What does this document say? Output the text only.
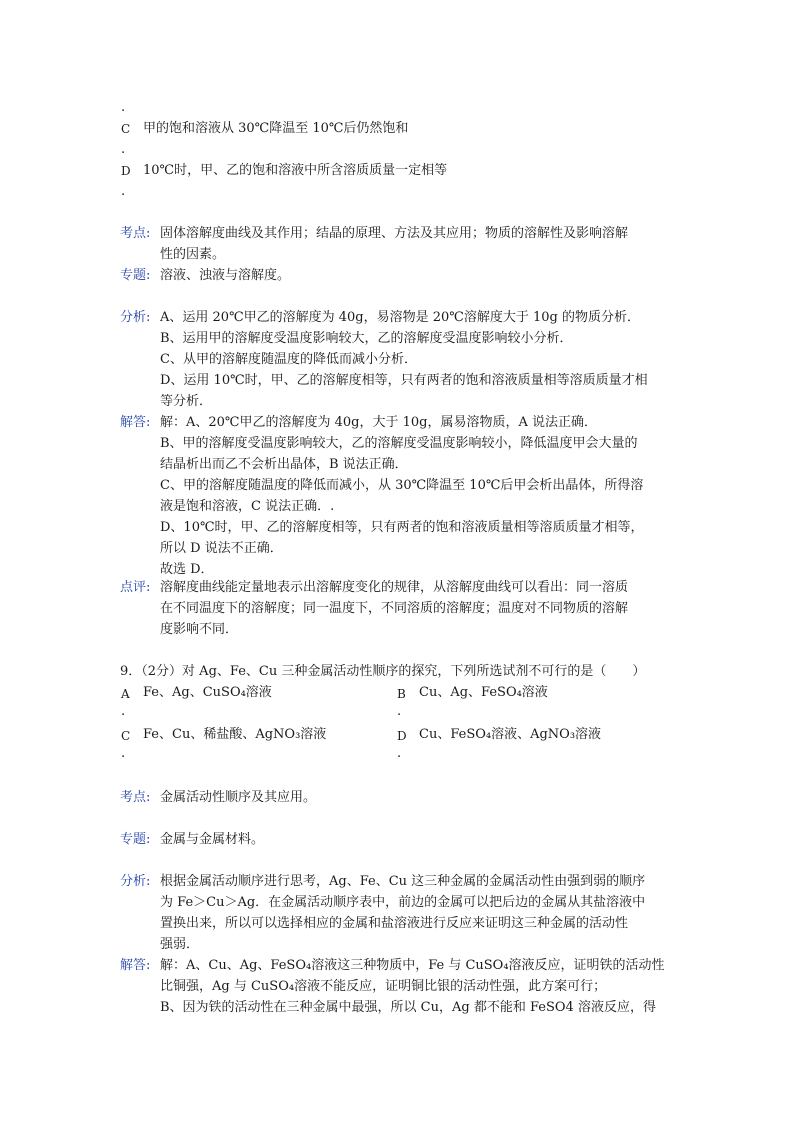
.
C 甲的饱和溶液从 30℃降温至 10℃后仍然饱和
.
D 10℃时，甲、乙的饱和溶液中所含溶质质量一定相等
.
考点: 固体溶解度曲线及其作用；结晶的原理、方法及其应用；物质的溶解性及影响溶解

性的因素。

专题: 溶液、浊液与溶解度。

分析: A、运用 20℃甲乙的溶解度为 40g，易溶物是 20℃溶解度大于 10g 的物质分析．

B、运用甲的溶解度受温度影响较大，乙的溶解度受温度影响较小分析．

C、从甲的溶解度随温度的降低而减小分析．

D、运用 10℃时，甲、乙的溶解度相等，只有两者的饱和溶液质量相等溶质质量才相

等分析．

解答: 解：A、20℃甲乙的溶解度为 40g，大于 10g，属易溶物质，A 说法正确．

B、甲的溶解度受温度影响较大，乙的溶解度受温度影响较小，降低温度甲会大量的

结晶析出而乙不会析出晶体，B 说法正确．

C、甲的溶解度随温度的降低而减小，从 30℃降温至 10℃后甲会析出晶体，所得溶

液是饱和溶液，C 说法正确．.

D、10℃时，甲、乙的溶解度相等，只有两者的饱和溶液质量相等溶质质量才相等，

所以 D 说法不正确．

故选 D．

点评: 溶解度曲线能定量地表示出溶解度变化的规律，从溶解度曲线可以看出：同一溶质

在不同温度下的溶解度；同一温度下，不同溶质的溶解度；温度对不同物质的溶解

度影响不同．

9．（2分）对 Ag、Fe、Cu 三种金属活动性顺序的探究，下列所选试剂不可行的是（　　）
A Fe、Ag、CuSO₄溶液	B Cu、Ag、FeSO₄溶液
.	.
C Fe、Cu、稀盐酸、AgNO₃溶液	D Cu、FeSO₄溶液、AgNO₃溶液
.	.
考点: 金属活动性顺序及其应用。

专题: 金属与金属材料。

分析: 根据金属活动顺序进行思考，Ag、Fe、Cu 这三种金属的金属活动性由强到弱的顺序

为 Fe＞Cu＞Ag．在金属活动顺序表中，前边的金属可以把后边的金属从其盐溶液中

置换出来，所以可以选择相应的金属和盐溶液进行反应来证明这三种金属的活动性

强弱．

解答: 解：A、Cu、Ag、FeSO₄溶液这三种物质中，Fe 与 CuSO₄溶液反应，证明铁的活动性

比铜强，Ag 与 CuSO₄溶液不能反应，证明铜比银的活动性强，此方案可行；

B、因为铁的活动性在三种金属中最强，所以 Cu，Ag 都不能和 FeSO4 溶液反应，得
